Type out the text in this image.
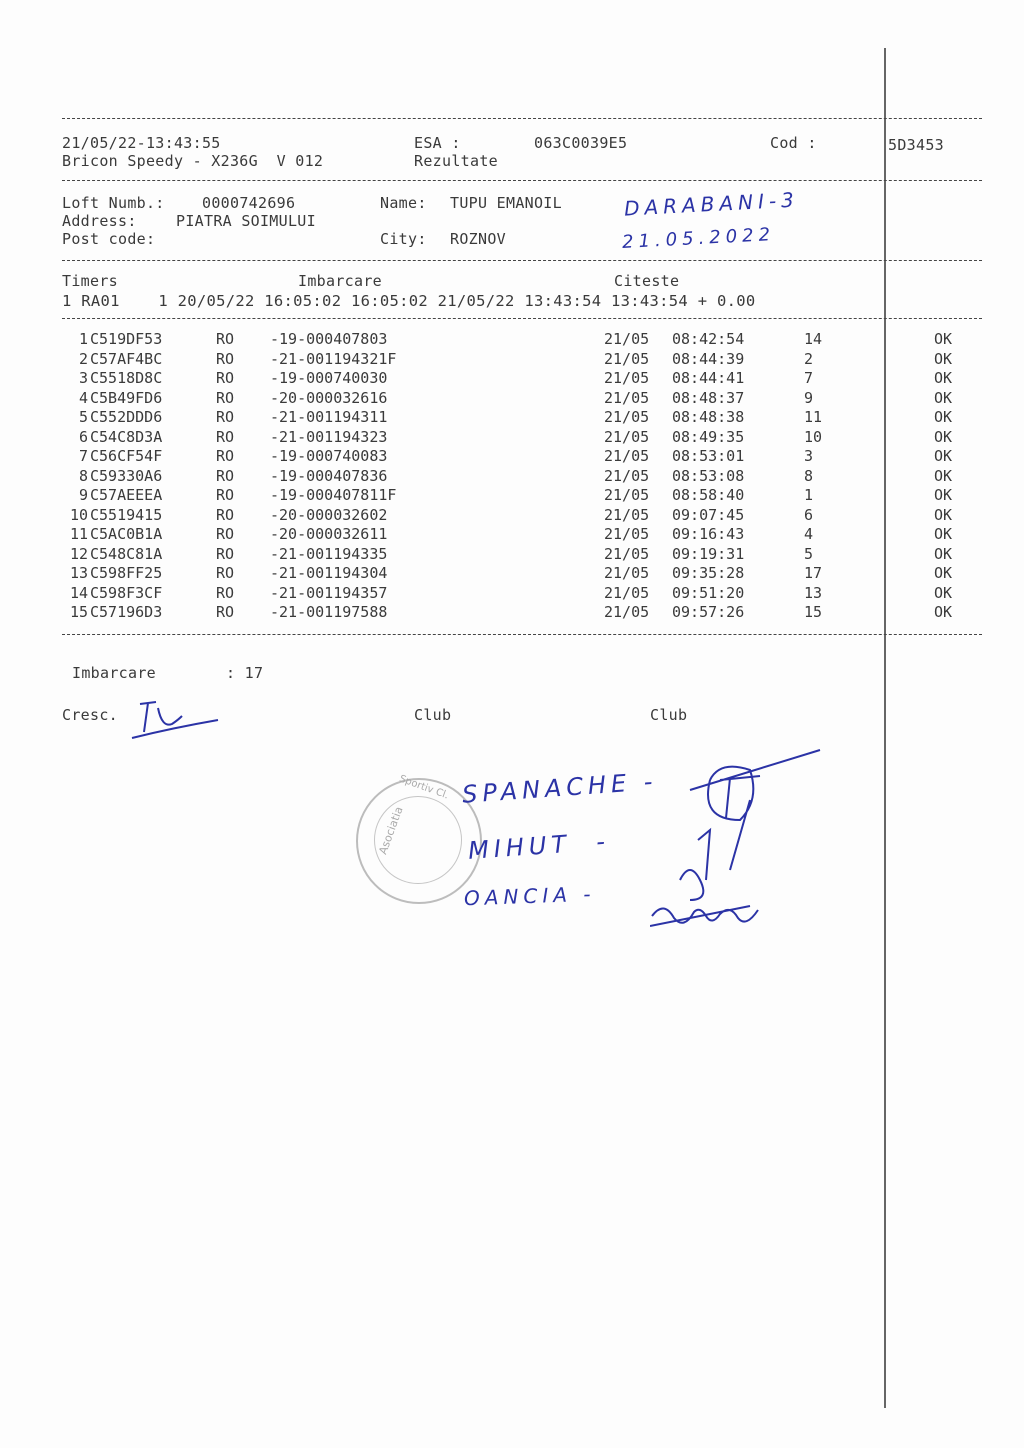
21/05/22-13:43:55	ESA :	063C0039E5	Cod :	5D3453
Bricon Speedy - X236G  V 012	Rezultate
Loft Numb.: 0000742696	Name: TUPU EMANOIL
Address:	PIATRA SOIMULUI
Post code:	City: ROZNOV
DARABANI-3
21.05.2022
Timers	Imbarcare	Citeste
1 RA01    1 20/05/22 16:05:02 16:05:02 21/05/22 13:43:54 13:43:54 + 0.00
1 C519DF53	RO -19-000407803	21/05 08:42:54	14	OK
2 C57AF4BC	RO -21-001194321F	21/05 08:44:39	2	OK
3 C5518D8C	RO -19-000740030	21/05 08:44:41	7	OK
4 C5B49FD6	RO -20-000032616	21/05 08:48:37	9	OK
5 C552DDD6	RO -21-001194311	21/05 08:48:38	11	OK
6 C54C8D3A	RO -21-001194323	21/05 08:49:35	10	OK
7 C56CF54F	RO -19-000740083	21/05 08:53:01	3	OK
8 C59330A6	RO -19-000407836	21/05 08:53:08	8	OK
9 C57AEEEA	RO -19-000407811F	21/05 08:58:40	1	OK
10 C5519415	RO -20-000032602	21/05 09:07:45	6	OK
11 C5AC0B1A	RO -20-000032611	21/05 09:16:43	4	OK
12 C548C81A	RO -21-001194335	21/05 09:19:31	5	OK
13 C598FF25	RO -21-001194304	21/05 09:35:28	17	OK
14 C598F3CF	RO -21-001194357	21/05 09:51:20	13	OK
15 C57196D3	RO -21-001197588	21/05 09:57:26	15	OK
Imbarcare	: 17
Cresc.	Club	Club
Asociatia
Sportiv Cl. SPANACHE -
MIHUT  -
OANCIA -
